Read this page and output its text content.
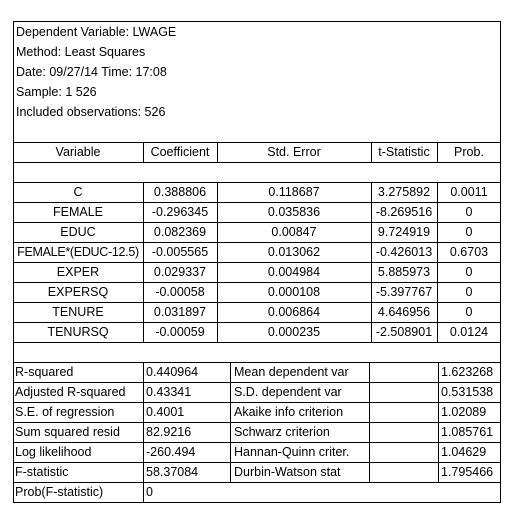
Dependent Variable: LWAGE
Method: Least Squares
Date: 09/27/14 Time: 17:08
Sample: 1 526
Included observations: 526
Variable	Coefficient	Std. Error	t-Statistic	Prob.
C	0.388806	0.118687	3.275892	0.0011
FEMALE	-0.296345	0.035836	-8.269516	0
EDUC	0.082369	0.00847	9.724919	0
FEMALE*(EDUC-12.5)	-0.005565	0.013062	-0.426013	0.6703
EXPER	0.029337	0.004984	5.885973	0
EXPERSQ	-0.00058	0.000108	-5.397767	0
TENURE	0.031897	0.006864	4.646956	0
TENURSQ	-0.00059	0.000235	-2.508901	0.0124
R-squared	0.440964	Mean dependent var	1.623268
Adjusted R-squared 0.43341	S.D. dependent var	0.531538
S.E. of regression	0.4001	Akaike info criterion	1.02089
Sum squared resid 82.9216	Schwarz criterion	1.085761
Log likelihood	-260.494	Hannan-Quinn criter.	1.04629
F-statistic	58.37084	Durbin-Watson stat	1.795466
Prob(F-statistic)	0
